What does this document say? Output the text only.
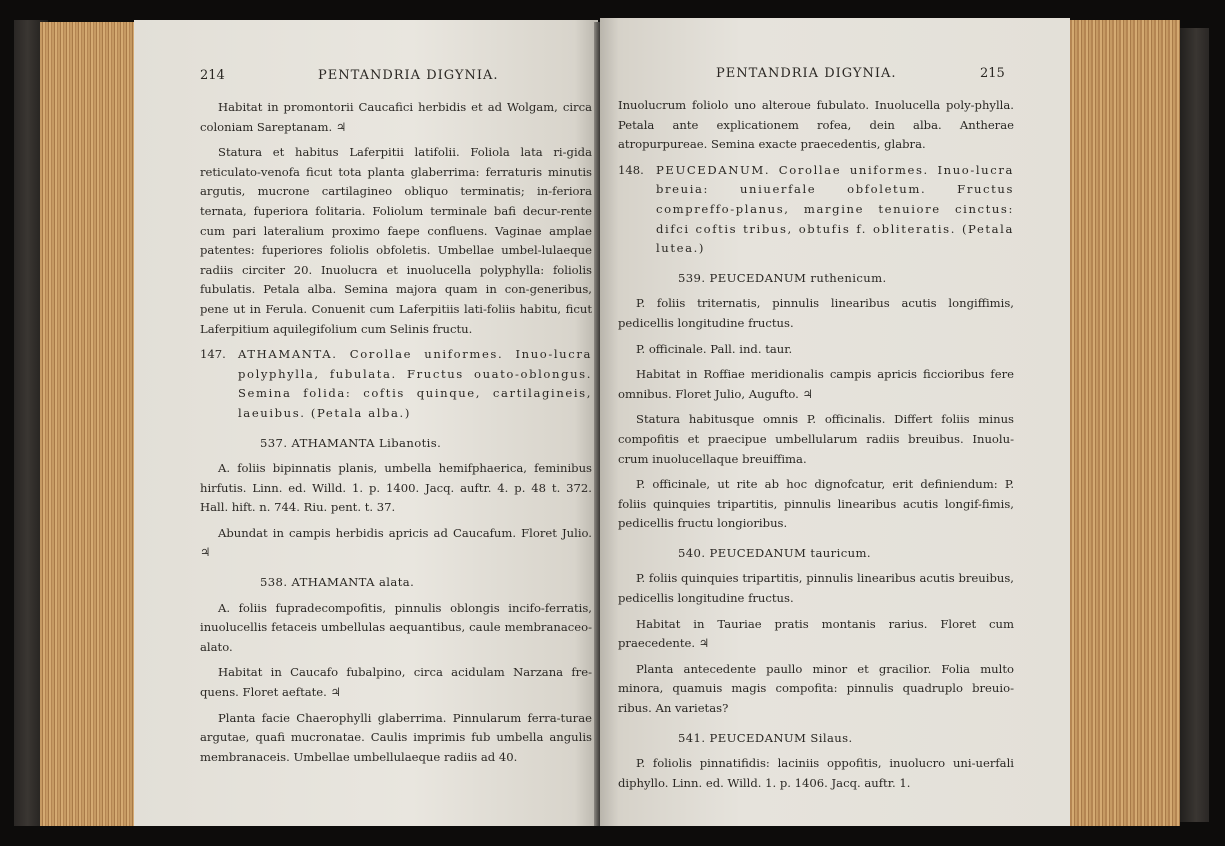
214	PENTANDRIA DIGYNIA.

Habitat in promontorii Caucafici herbidis et ad Wolgam, circa coloniam Sareptanam. ♃

Statura et habitus Laferpitii latifolii. Foliola lata ri-gida reticulato-venofa ficut tota planta glaberrima: ferraturis minutis argutis, mucrone cartilagineo obliquo terminatis; in-feriora ternata, fuperiora folitaria. Foliolum terminale bafi decur-rente cum pari lateralium proximo faepe confluens. Vaginae amplae patentes: fuperiores foliolis obfoletis. Umbellae umbel-lulaeque radiis circiter 20. Inuolucra et inuolucella polyphylla: foliolis fubulatis. Petala alba. Semina majora quam in con-generibus, pene ut in Ferula. Conuenit cum Laferpitiis lati-foliis habitu, ficut Laferpitium aquilegifolium cum Selinis fructu.

147.	ATHAMANTA. Corollae uniformes. Inuo-lucra polyphylla, fubulata. Fructus ouato-oblongus. Semina folida: coftis quinque, cartilagineis, laeuibus. (Petala alba.)

537. ATHAMANTA Libanotis.

A. foliis bipinnatis planis, umbella hemifphaerica, feminibus hirfutis. Linn. ed. Willd. 1. p. 1400. Jacq. auftr. 4. p. 48 t. 372. Hall. hift. n. 744. Riu. pent. t. 37.

Abundat in campis herbidis apricis ad Caucafum. Floret Julio. ♃

538. ATHAMANTA alata.

A. foliis fupradecompofitis, pinnulis oblongis incifo-ferratis, inuolucellis fetaceis umbellulas aequantibus, caule membranaceo-alato.

Habitat in Caucafo fubalpino, circa acidulam Narzana fre-quens. Floret aeftate. ♃

Planta facie Chaerophylli glaberrima. Pinnularum ferra-turae argutae, quafi mucronatae. Caulis imprimis fub umbella angulis membranaceis. Umbellae umbellulaeque radiis ad 40.

PENTANDRIA DIGYNIA.	215

Inuolucrum foliolo uno alteroue fubulato. Inuolucella poly-phylla. Petala ante explicationem rofea, dein alba. Antherae atropurpureae. Semina exacte praecedentis, glabra.

148.	PEUCEDANUM. Corollae uniformes. Inuo-lucra breuia: uniuerfale obfoletum. Fructus compreffo-planus, margine tenuiore cinctus: difci coftis tribus, obtufis f. obliteratis. (Petala lutea.)

539. PEUCEDANUM ruthenicum.

P. foliis triternatis, pinnulis linearibus acutis longiffimis, pedicellis longitudine fructus.

P. officinale. Pall. ind. taur.

Habitat in Roffiae meridionalis campis apricis ficcioribus fere omnibus. Floret Julio, Augufto. ♃

Statura habitusque omnis P. officinalis. Differt foliis minus compofitis et praecipue umbellularum radiis breuibus. Inuolu-crum inuolucellaque breuiffima.

P. officinale, ut rite ab hoc dignofcatur, erit definiendum: P. foliis quinquies tripartitis, pinnulis linearibus acutis longif-fimis, pedicellis fructu longioribus.

540. PEUCEDANUM tauricum.

P. foliis quinquies tripartitis, pinnulis linearibus acutis breuibus, pedicellis longitudine fructus.

Habitat in Tauriae pratis montanis rarius. Floret cum praecedente. ♃

Planta antecedente paullo minor et gracilior. Folia multo minora, quamuis magis compofita: pinnulis quadruplo breuio-ribus. An varietas?

541. PEUCEDANUM Silaus.

P. foliolis pinnatifidis: laciniis oppofitis, inuolucro uni-uerfali diphyllo. Linn. ed. Willd. 1. p. 1406. Jacq. auftr. 1.
